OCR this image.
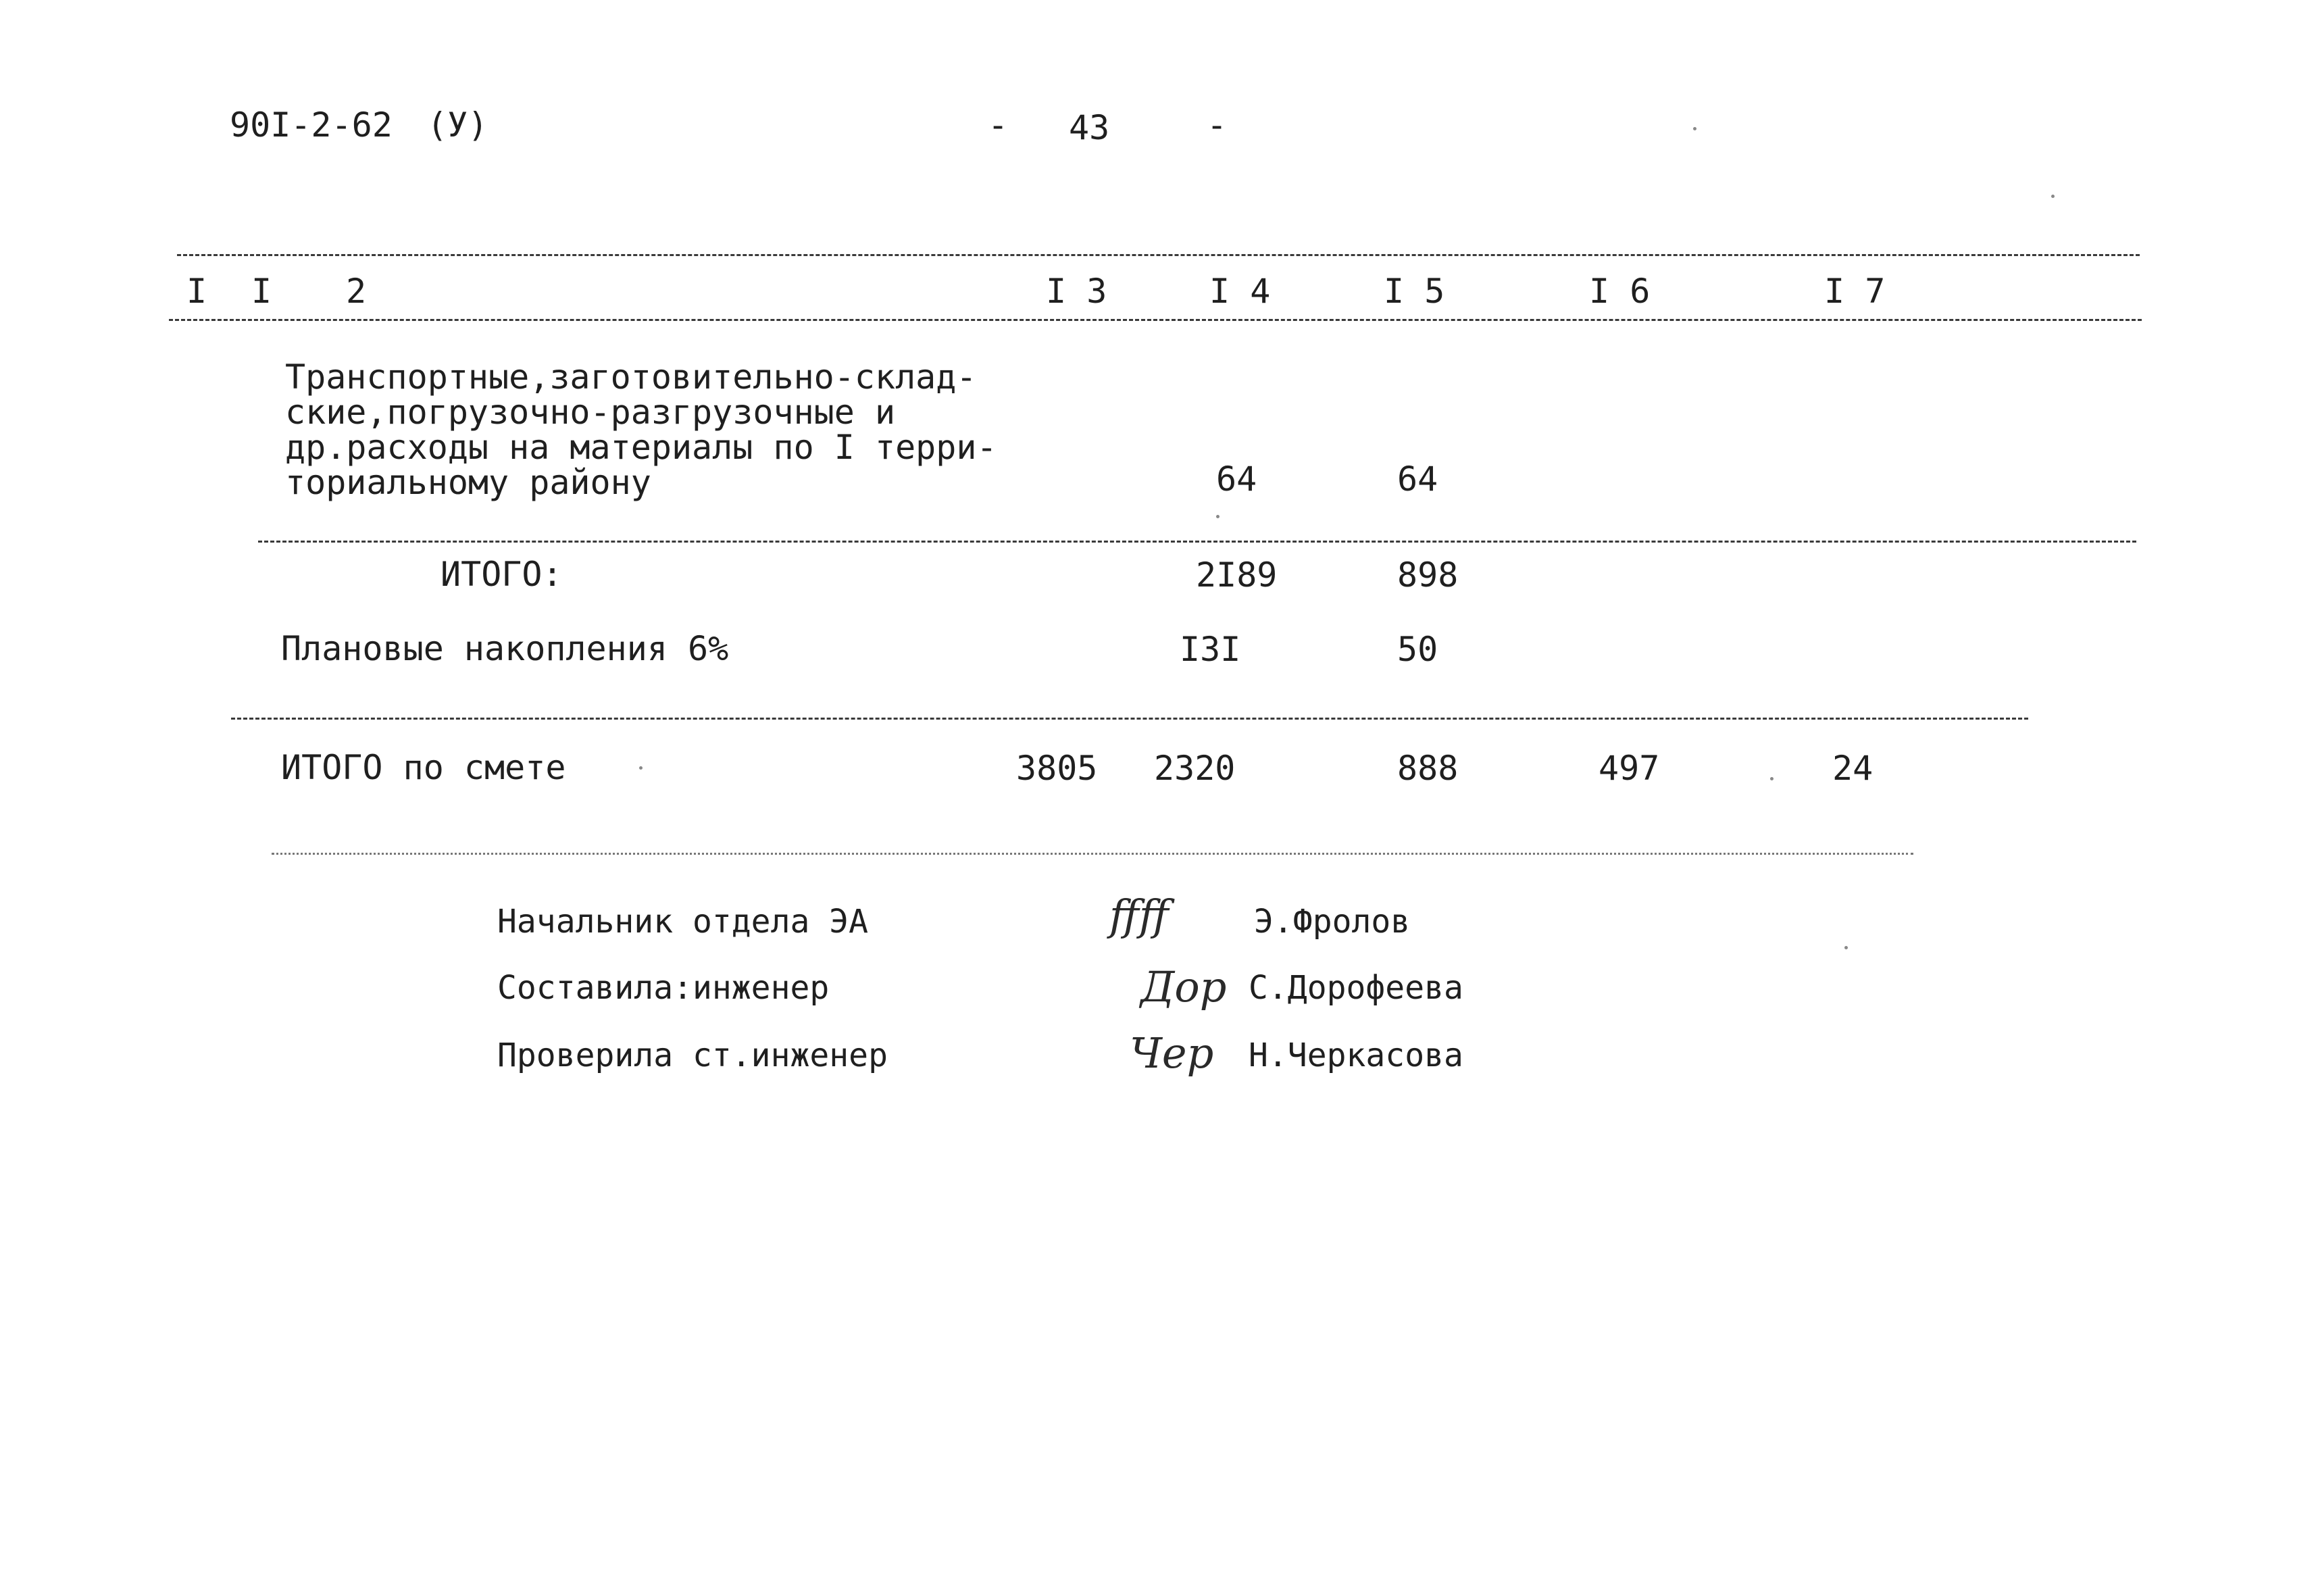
90I-2-62 (У)	- 43	-
I I 2	I 3	I 4	I 5	I 6	I 7
Транспортные,заготовительно-склад-
ские,погрузочно-разгрузочные и
др.расходы на материалы по I терри-
ториальному району	64	64
ИТОГО:	2I89	898
Плановые накопления 6%	I3I	50
ИТОГО по смете	3805 2320	888	497	24
Начальник отдела ЭА	ffff	Э.Фролов
Составила:инженер	Дор С.Дорофеева
Проверила ст.инженер	Чер Н.Черкасова
